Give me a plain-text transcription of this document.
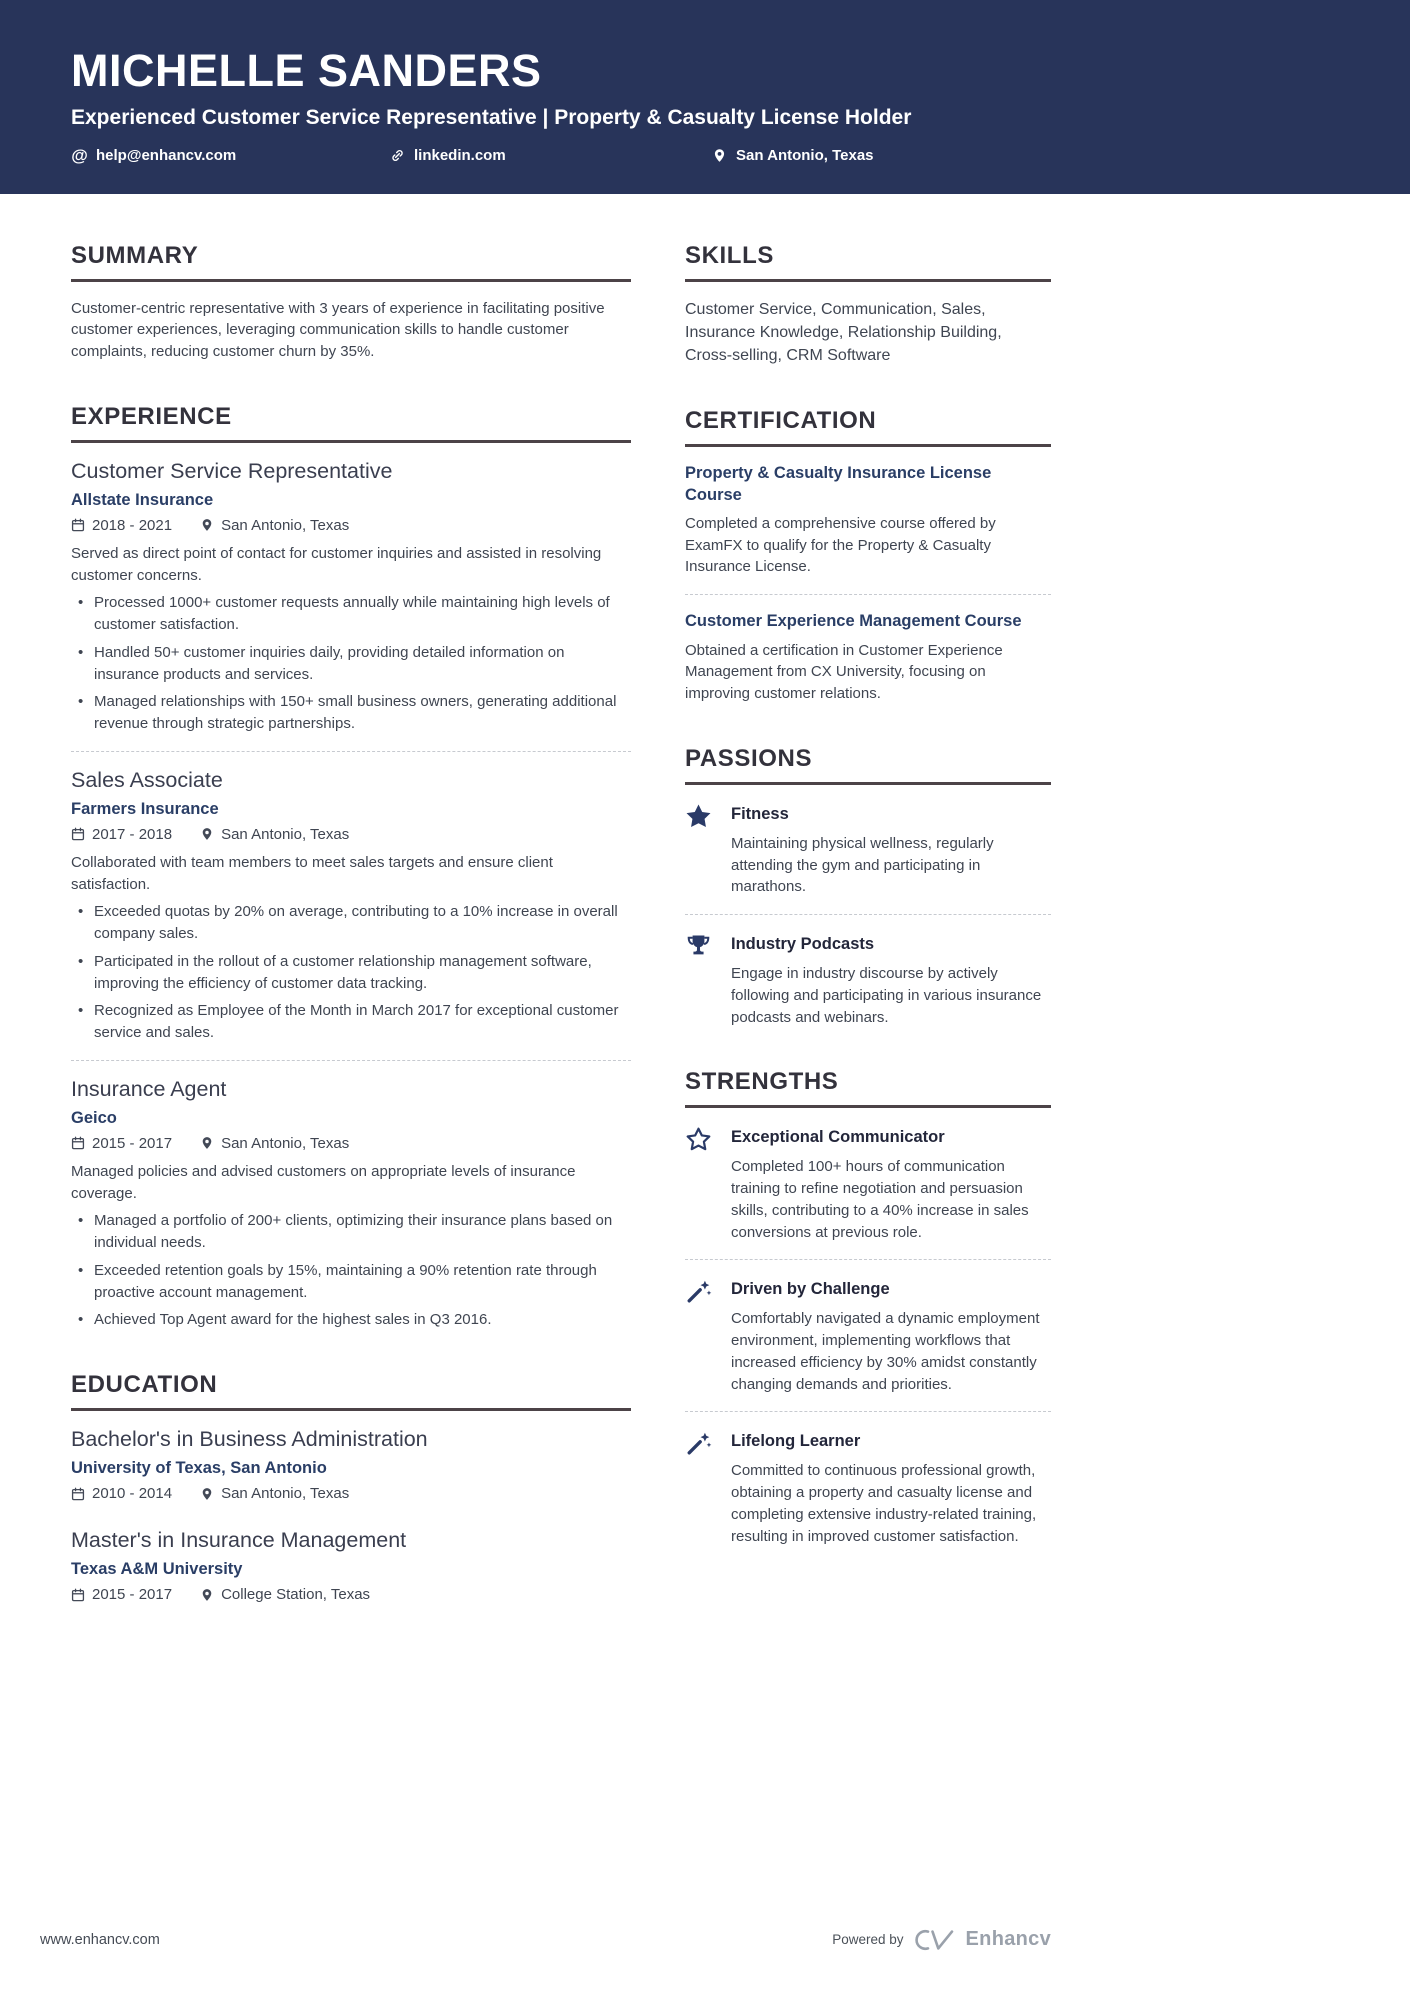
MICHELLE SANDERS
Experienced Customer Service Representative | Property & Casualty License Holder
@ help@enhancv.com	linkedin.com	San Antonio, Texas
SUMMARY

Customer-centric representative with 3 years of experience in facilitating positive customer experiences, leveraging communication skills to handle customer complaints, reducing customer churn by 35%.

EXPERIENCE
Customer Service Representative
Allstate Insurance
2018 - 2021	San Antonio, Texas

Served as direct point of contact for customer inquiries and assisted in resolving customer concerns.

• Processed 1000+ customer requests annually while maintaining high levels of customer satisfaction.
• Handled 50+ customer inquiries daily, providing detailed information on insurance products and services.
• Managed relationships with 150+ small business owners, generating additional revenue through strategic partnerships.
Sales Associate
Farmers Insurance
2017 - 2018	San Antonio, Texas

Collaborated with team members to meet sales targets and ensure client satisfaction.

• Exceeded quotas by 20% on average, contributing to a 10% increase in overall company sales.
• Participated in the rollout of a customer relationship management software, improving the efficiency of customer data tracking.
• Recognized as Employee of the Month in March 2017 for exceptional customer service and sales.
Insurance Agent
Geico
2015 - 2017	San Antonio, Texas

Managed policies and advised customers on appropriate levels of insurance coverage.

• Managed a portfolio of 200+ clients, optimizing their insurance plans based on individual needs.
• Exceeded retention goals by 15%, maintaining a 90% retention rate through proactive account management.
• Achieved Top Agent award for the highest sales in Q3 2016.
EDUCATION
Bachelor's in Business Administration
University of Texas, San Antonio
2010 - 2014	San Antonio, Texas
Master's in Insurance Management
Texas A&M University
2015 - 2017	College Station, Texas
SKILLS

Customer Service, Communication, Sales, Insurance Knowledge, Relationship Building, Cross-selling, CRM Software

CERTIFICATION

Property & Casualty Insurance License Course

Completed a comprehensive course offered by ExamFX to qualify for the Property & Casualty Insurance License.

Customer Experience Management Course

Obtained a certification in Customer Experience Management from CX University, focusing on improving customer relations.

PASSIONS

Fitness

Maintaining physical wellness, regularly attending the gym and participating in marathons.

Industry Podcasts

Engage in industry discourse by actively following and participating in various insurance podcasts and webinars.

STRENGTHS

Exceptional Communicator

Completed 100+ hours of communication training to refine negotiation and persuasion skills, contributing to a 40% increase in sales conversions at previous role.

Driven by Challenge

Comfortably navigated a dynamic employment environment, implementing workflows that increased efficiency by 30% amidst constantly changing demands and priorities.

Lifelong Learner

Committed to continuous professional growth, obtaining a property and casualty license and completing extensive industry-related training, resulting in improved customer satisfaction.

www.enhancv.com	Powered by	Enhancv
